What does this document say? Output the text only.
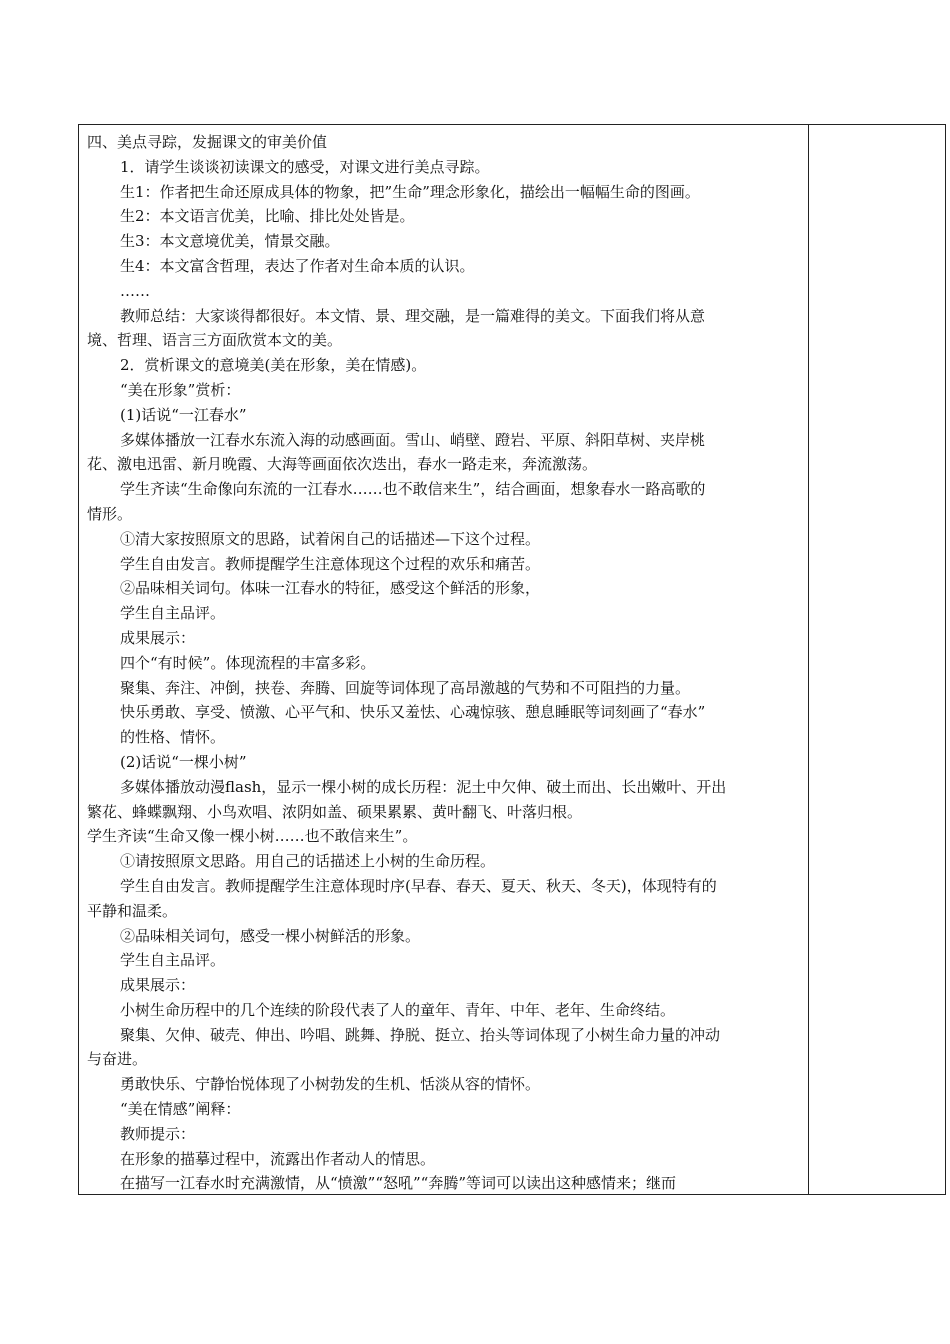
四、美点寻踪，发掘课文的审美价值

1．请学生谈谈初读课文的感受，对课文进行美点寻踪。

生1：作者把生命还原成具体的物象，把”生命”理念形象化，描绘出一幅幅生命的图画。

生2：本文语言优美，比喻、排比处处皆是。

生3：本文意境优美，情景交融。

生4：本文富含哲理，表达了作者对生命本质的认识。

……

教师总结：大家谈得都很好。本文情、景、理交融，是一篇难得的美文。下面我们将从意

境、哲理、语言三方面欣赏本文的美。

2．赏析课文的意境美(美在形象，美在情感)。

“美在形象”赏析：

(1)话说“一江春水”

多媒体播放一江春水东流入海的动感画面。雪山、峭壁、蹬岩、平原、斜阳草树、夹岸桃

花、激电迅雷、新月晚霞、大海等画面依次迭出，春水一路走来，奔流激荡。

学生齐读“生命像向东流的一江春水……也不敢信来生”，结合画面，想象春水一路高歌的

情形。

①清大家按照原文的思路，试着闲自己的话描述—下这个过程。

学生自由发言。教师提醒学生注意体现这个过程的欢乐和痛苦。

②品味相关词句。体味一江春水的特征，感受这个鲜活的形象，

学生自主品评。

成果展示：

四个“有时候”。体现流程的丰富多彩。

聚集、奔注、冲倒，挟卷、奔腾、回旋等词体现了高昂激越的气势和不可阻挡的力量。

快乐勇敢、享受、愤激、心平气和、快乐又羞怯、心魂惊骇、憩息睡眠等词刻画了“春水”

的性格、情怀。

(2)话说“一棵小树”

多媒体播放动漫flash，显示一棵小树的成长历程：泥土中欠伸、破土而出、长出嫩叶、开出

繁花、蜂蝶飘翔、小鸟欢唱、浓阴如盖、硕果累累、黄叶翻飞、叶落归根。

学生齐读“生命又像一棵小树……也不敢信来生”。

①请按照原文思路。用自己的话描述上小树的生命历程。

学生自由发言。教师提醒学生注意体现时序(早春、春天、夏天、秋天、冬天)，体现特有的

平静和温柔。

②品味相关词句，感受一棵小树鲜活的形象。

学生自主品评。

成果展示：

小树生命历程中的几个连续的阶段代表了人的童年、青年、中年、老年、生命终结。

聚集、欠伸、破壳、伸出、吟唱、跳舞、挣脱、挺立、抬头等词体现了小树生命力量的冲动

与奋进。

勇敢快乐、宁静怡悦体现了小树勃发的生机、恬淡从容的情怀。

“美在情感”阐释：

教师提示：

在形象的描摹过程中，流露出作者动人的情思。

在描写一江春水时充满激情，从“愤激”“怒吼”“奔腾”等词可以读出这种感情来；继而
